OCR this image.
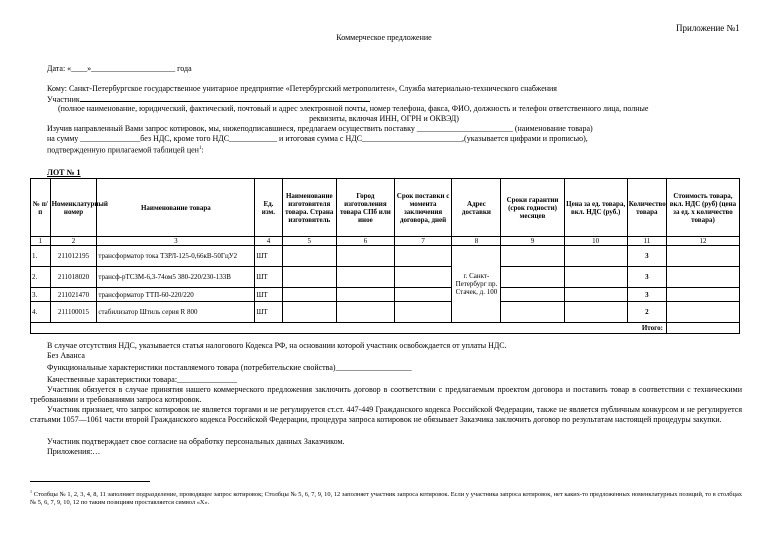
Приложение №1
Коммерческое предложение
Дата: «____»_____________________ года
Кому: Санкт-Петербургское государственное унитарное предприятие «Петербургский метрополитен», Служба материально-технического снабжения
Участник
(полное наименование, юридический, фактический, почтовый и адрес электронной почты, номер телефона, факса, ФИО, должность и телефон ответственного лица, полные
реквизиты, включая ИНН, ОГРН и ОКВЭД)
Изучив направленный Вами запрос котировок, мы, нижеподписавшиеся, предлагаем осуществить поставку ________________________ (наименование товара)
на сумму _______________без НДС, кроме того НДС____________ и итоговая сумма с НДС_________________________,(указывается цифрами и прописью),
подтвержденную прилагаемой таблицей цен$^1$:
ЛОТ № 1
№ п/п	Номенклатурный номер	Наименование товара	Ед. изм.	Наименование изготовителя товара. Страна изготовитель	Город изготовления товара СПб или иное	Срок поставки с момента заключения договора, дней	Адрес доставки	Сроки гарантии (срок годности) месяцев	Цена за ед. товара, вкл. НДС (руб.)	Количество товара	Стоимость товара, вкл. НДС (руб) (цена за ед. х количество товара)
1	2	3	4	5	6	7	8	9	10	11	12
1.	211012195	трансформатор тока ТЗРЛ-125-0,66кВ-50ГцУ2	ШТ				г. Санкт-Петербург пр. Стачек, д. 100			3	
2.	211018020	трансф-рТСЗМ-6,3-74ом5 380-220/230-133В	ШТ							3	
3.	211021470	трансформатор ТТП-60-220/220	ШТ							3	
4.	211100015	стабилизатор Штиль серия R 800	ШТ							2	
Итого:											
В случае отсутствия НДС, указывается статья налогового Кодекса РФ, на основании которой участник освобождается от уплаты НДС.
Без Аванса
Функциональные характеристики поставляемого товара (потребительские свойства)___________________
Качественные характеристики товара:_______________
Участник обязуется в случае принятия нашего коммерческого предложения заключить договор в соответствии с предлагаемым проектом договора и поставить товар в соответствии с техническими требованиями и требованиями запроса котировок.
Участник признает, что запрос котировок не является торгами и не регулируется ст.ст. 447-449 Гражданского кодекса Российской Федерации, также не является публичным конкурсом и не регулируется статьями 1057—1061 части второй Гражданского кодекса Российской Федерации, процедура запроса котировок не обязывает Заказчика заключить договор по результатам настоящей процедуры закупки.
Участник подтверждает свое согласие на обработку персональных данных Заказчиком.
Приложения:…
$^1$ Столбцы № 1, 2, 3, 4, 8, 11 заполняет подразделение, проводящее запрос котировок; Столбцы № 5, 6, 7, 9, 10, 12 заполняет участник запроса котировок. Если у участника запроса котировок, нет каких-то предложенных номенклатурных позиций, то в столбцах № 5, 6, 7, 9, 10, 12 по таким позициям проставляется символ «Х».
